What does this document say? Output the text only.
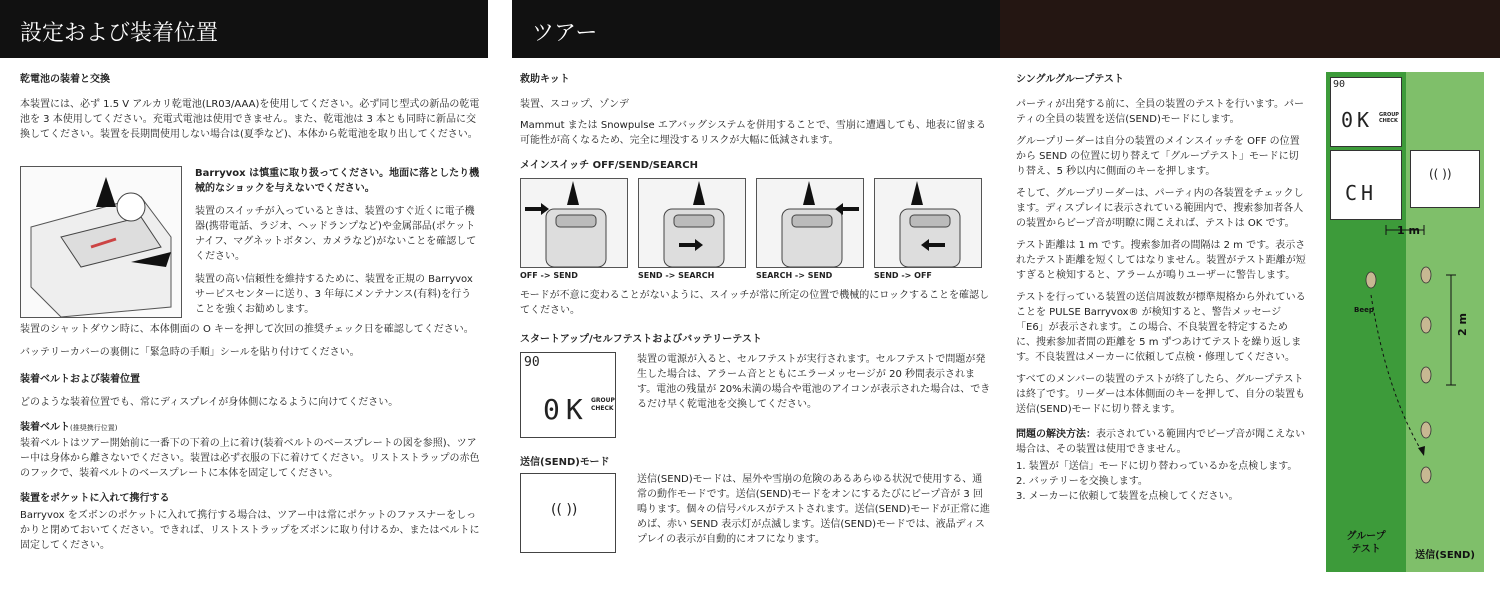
設定および装着位置	ツアー
乾電池の装着と交換

本装置には、必ず 1.5 V アルカリ乾電池(LR03/AAA)を使用してください。必ず同じ型式の新品の乾電池を 3 本使用してください。充電式電池は使用できません。また、乾電池は 3 本とも同時に新品に交換してください。装置を長期間使用しない場合は(夏季など)、本体から乾電池を取り出してください。

Barryvox は慎重に取り扱ってください。地面に落としたり機械的なショックを与えないでください。

装置のスイッチが入っているときは、装置のすぐ近くに電子機器(携帯電話、ラジオ、ヘッドランプなど)や金属部品(ポケットナイフ、マグネットボタン、カメラなど)がないことを確認してください。

装置の高い信頼性を維持するために、装置を正規の Barryvox サービスセンターに送り、3 年毎にメンテナンス(有料)を行うことを強くお勧めします。

装置のシャットダウン時に、本体側面の O キーを押して次回の推奨チェック日を確認してください。

バッテリーカバーの裏側に「緊急時の手順」シールを貼り付けてください。

装着ベルトおよび装着位置

どのような装着位置でも、常にディスプレイが身体側になるように向けてください。

装着ベルト(推奨携行位置)

装着ベルトはツアー開始前に一番下の下着の上に着け(装着ベルトのベースプレートの図を参照)、ツアー中は身体から離さないでください。装置は必ず衣服の下に着けてください。リストストラップの赤色のフックで、装着ベルトのベースプレートに本体を固定してください。

装置をポケットに入れて携行する

Barryvox をズボンのポケットに入れて携行する場合は、ツアー中は常にポケットのファスナーをしっかりと閉めておいてください。できれば、リストストラップをズボンに取り付けるか、またはベルトに固定してください。

救助キット

装置、スコップ、ゾンデ

Mammut または Snowpulse エアバッグシステムを併用することで、雪崩に遭遇しても、地表に留まる可能性が高くなるため、完全に埋没するリスクが大幅に低減されます。

メインスイッチ OFF/SEND/SEARCH
OFF -> SEND	SEND -> SEARCH	SEARCH -> SEND	SEND -> OFF

モードが不意に変わることがないように、スイッチが常に所定の位置で機械的にロックすることを確認してください。

スタートアップ/セルフテストおよびバッテリーテスト
90
0K GROUP
CHECK

装置の電源が入ると、セルフテストが実行されます。セルフテストで問題が発生した場合は、アラーム音とともにエラーメッセージが 20 秒間表示されます。電池の残量が 20%未満の場合や電池のアイコンが表示された場合は、できるだけ早く乾電池を交換してください。

送信(SEND)モード
(( ))

送信(SEND)モードは、屋外や雪崩の危険のあるあらゆる状況で使用する、通常の動作モードです。送信(SEND)モードをオンにするたびにビープ音が 3 回鳴ります。個々の信号パルスがテストされます。送信(SEND)モードが正常に進めば、赤い SEND 表示灯が点滅します。送信(SEND)モードでは、液晶ディスプレイの表示が自動的にオフになります。

シングルグループテスト

パーティが出発する前に、全員の装置のテストを行います。パーティの全員の装置を送信(SEND)モードにします。

グループリーダーは自分の装置のメインスイッチを OFF の位置から SEND の位置に切り替えて「グループテスト」モードに切り替え、5 秒以内に側面のキーを押します。

そして、グループリーダーは、パーティ内の各装置をチェックします。ディスプレイに表示されている範囲内で、搜索参加者各人の装置からビープ音が明瞭に聞こえれば、テストは OK です。

テスト距離は 1 m です。搜索参加者の間隔は 2 m です。表示されたテスト距離を短くしてはなりません。装置がテスト距離が短すぎると検知すると、アラームが鳴りユーザーに警告します。

テストを行っている装置の送信周波数が標準規格から外れていることを PULSE Barryvox® が検知すると、警告メッセージ「E6」が表示されます。この場合、不良装置を特定するために、搜索参加者間の距離を 5 m ずつあけてテストを繰り返します。不良装置はメーカーに依頼して点検・修理してください。

すべてのメンバーの装置のテストが終了したら、グループテストは終了です。リーダーは本体側面のキーを押して、自分の装置も送信(SEND)モードに切り替えます。

問題の解決方法：表示されている範囲内でビープ音が聞こえない場合は、その装置は使用できません。

1. 装置が「送信」モードに切り替わっているかを点検します。
2. バッテリーを交換します。
3. メーカーに依頼して装置を点検してください。
90
0K GROUP
CHECK
CH
(( ))
1 m
2 m
Beep
グループテスト
送信(SEND)
